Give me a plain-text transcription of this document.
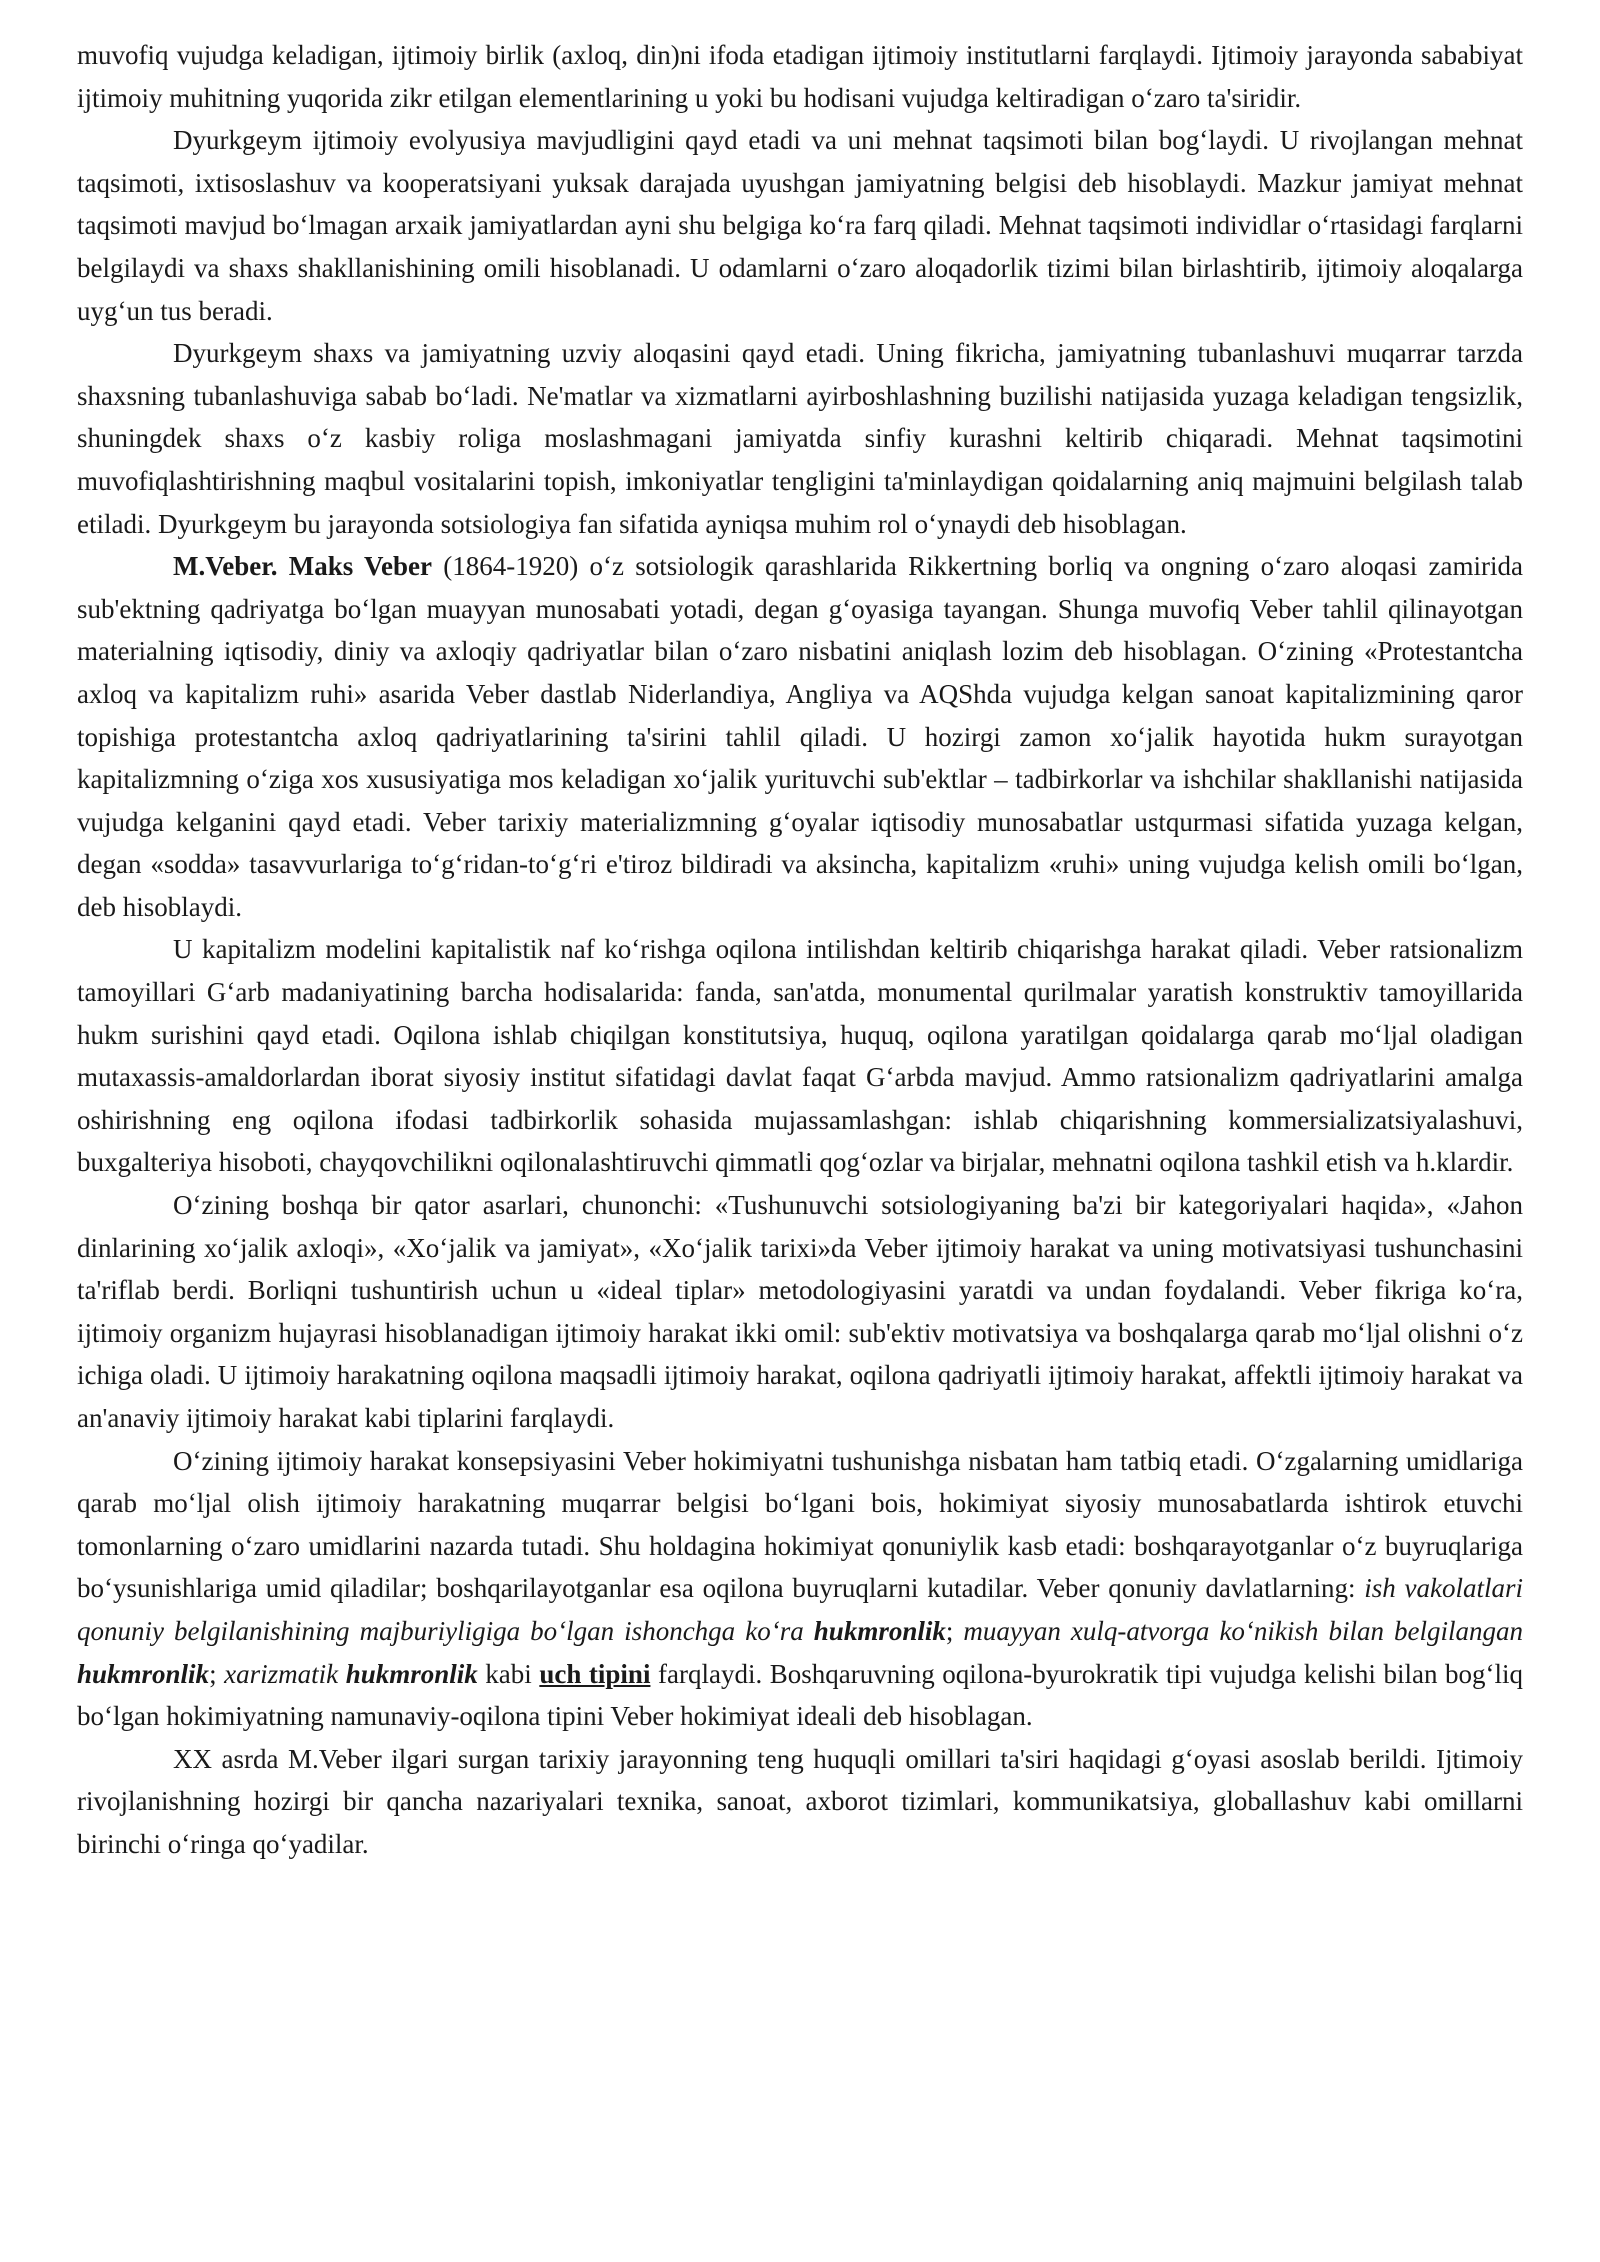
muvofiq vujudga keladigan, ijtimoiy birlik (axloq, din)ni ifoda etadigan ijtimoiy institutlarni farqlaydi. Ijtimoiy jarayonda sababiyat ijtimoiy muhitning yuqorida zikr etilgan elementlarining u yoki bu hodisani vujudga keltiradigan oʻzaro ta'siridir.

Dyurkgeym ijtimoiy evolyusiya mavjudligini qayd etadi va uni mehnat taqsimoti bilan bogʻlaydi. U rivojlangan mehnat taqsimoti, ixtisoslashuv va kooperatsiyani yuksak darajada uyushgan jamiyatning belgisi deb hisoblaydi. Mazkur jamiyat mehnat taqsimoti mavjud boʻlmagan arxaik jamiyatlardan ayni shu belgiga koʻra farq qiladi. Mehnat taqsimoti individlar oʻrtasidagi farqlarni belgilaydi va shaxs shakllanishining omili hisoblanadi. U odamlarni oʻzaro aloqadorlik tizimi bilan birlashtirib, ijtimoiy aloqalarga uygʻun tus beradi.

Dyurkgeym shaxs va jamiyatning uzviy aloqasini qayd etadi. Uning fikricha, jamiyatning tubanlashuvi muqarrar tarzda shaxsning tubanlashuviga sabab boʻladi. Ne'matlar va xizmatlarni ayirboshlashning buzilishi natijasida yuzaga keladigan tengsizlik, shuningdek shaxs oʻz kasbiy roliga moslashmagani jamiyatda sinfiy kurashni keltirib chiqaradi. Mehnat taqsimotini muvofiqlashtirishning maqbul vositalarini topish, imkoniyatlar tengligini ta'minlaydigan qoidalarning aniq majmuini belgilash talab etiladi. Dyurkgeym bu jarayonda sotsiologiya fan sifatida ayniqsa muhim rol oʻynaydi deb hisoblagan.

M.Veber. Maks Veber (1864-1920) oʻz sotsiologik qarashlarida Rikkertning borliq va ongning oʻzaro aloqasi zamirida sub'ektning qadriyatga boʻlgan muayyan munosabati yotadi, degan gʻoyasiga tayangan. Shunga muvofiq Veber tahlil qilinayotgan materialning iqtisodiy, diniy va axloqiy qadriyatlar bilan oʻzaro nisbatini aniqlash lozim deb hisoblagan. Oʻzining «Protestantcha axloq va kapitalizm ruhi» asarida Veber dastlab Niderlandiya, Angliya va AQShda vujudga kelgan sanoat kapitalizmining qaror topishiga protestantcha axloq qadriyatlarining ta'sirini tahlil qiladi. U hozirgi zamon xoʻjalik hayotida hukm surayotgan kapitalizmning oʻziga xos xususiyatiga mos keladigan xoʻjalik yurituvchi sub'ektlar – tadbirkorlar va ishchilar shakllanishi natijasida vujudga kelganini qayd etadi. Veber tarixiy materializmning gʻoyalar iqtisodiy munosabatlar ustqurmasi sifatida yuzaga kelgan, degan «sodda» tasavvurlariga toʻgʻridan-toʻgʻri e'tiroz bildiradi va aksincha, kapitalizm «ruhi» uning vujudga kelish omili boʻlgan, deb hisoblaydi.

U kapitalizm modelini kapitalistik naf koʻrishga oqilona intilishdan keltirib chiqarishga harakat qiladi. Veber ratsionalizm tamoyillari Gʻarb madaniyatining barcha hodisalarida: fanda, san'atda, monumental qurilmalar yaratish konstruktiv tamoyillarida hukm surishini qayd etadi. Oqilona ishlab chiqilgan konstitutsiya, huquq, oqilona yaratilgan qoidalarga qarab moʻljal oladigan mutaxassis-amaldorlardan iborat siyosiy institut sifatidagi davlat faqat Gʻarbda mavjud. Ammo ratsionalizm qadriyatlarini amalga oshirishning eng oqilona ifodasi tadbirkorlik sohasida mujassamlashgan: ishlab chiqarishning kommersializatsiyalashuvi, buxgalteriya hisoboti, chayqovchilikni oqilonalashtiruvchi qimmatli qogʻozlar va birjalar, mehnatni oqilona tashkil etish va h.klardir.

Oʻzining boshqa bir qator asarlari, chunonchi: «Tushunuvchi sotsiologiyaning ba'zi bir kategoriyalari haqida», «Jahon dinlarining xoʻjalik axloqi», «Xoʻjalik va jamiyat», «Xoʻjalik tarixi»da Veber ijtimoiy harakat va uning motivatsiyasi tushunchasini ta'riflab berdi. Borliqni tushuntirish uchun u «ideal tiplar» metodologiyasini yaratdi va undan foydalandi. Veber fikriga koʻra, ijtimoiy organizm hujayrasi hisoblanadigan ijtimoiy harakat ikki omil: sub'ektiv motivatsiya va boshqalarga qarab moʻljal olishni oʻz ichiga oladi. U ijtimoiy harakatning oqilona maqsadli ijtimoiy harakat, oqilona qadriyatli ijtimoiy harakat, affektli ijtimoiy harakat va an'anaviy ijtimoiy harakat kabi tiplarini farqlaydi.

Oʻzining ijtimoiy harakat konsepsiyasini Veber hokimiyatni tushunishga nisbatan ham tatbiq etadi. Oʻzgalarning umidlariga qarab moʻljal olish ijtimoiy harakatning muqarrar belgisi boʻlgani bois, hokimiyat siyosiy munosabatlarda ishtirok etuvchi tomonlarning oʻzaro umidlarini nazarda tutadi. Shu holdagina hokimiyat qonuniylik kasb etadi: boshqarayotganlar oʻz buyruqlariga boʻysunishlariga umid qiladilar; boshqarilayotganlar esa oqilona buyruqlarni kutadilar. Veber qonuniy davlatlarning: ish vakolatlari qonuniy belgilanishining majburiyligiga boʻlgan ishonchga koʻra hukmronlik; muayyan xulq-atvorga koʻnikish bilan belgilangan hukmronlik; xarizmatik hukmronlik kabi uch tipini farqlaydi. Boshqaruvning oqilona-byurokratik tipi vujudga kelishi bilan bogʻliq boʻlgan hokimiyatning namunaviy-oqilona tipini Veber hokimiyat ideali deb hisoblagan.

XX asrda M.Veber ilgari surgan tarixiy jarayonning teng huquqli omillari ta'siri haqidagi gʻoyasi asoslab berildi. Ijtimoiy rivojlanishning hozirgi bir qancha nazariyalari texnika, sanoat, axborot tizimlari, kommunikatsiya, globallashuv kabi omillarni birinchi oʻringa qoʻyadilar.
